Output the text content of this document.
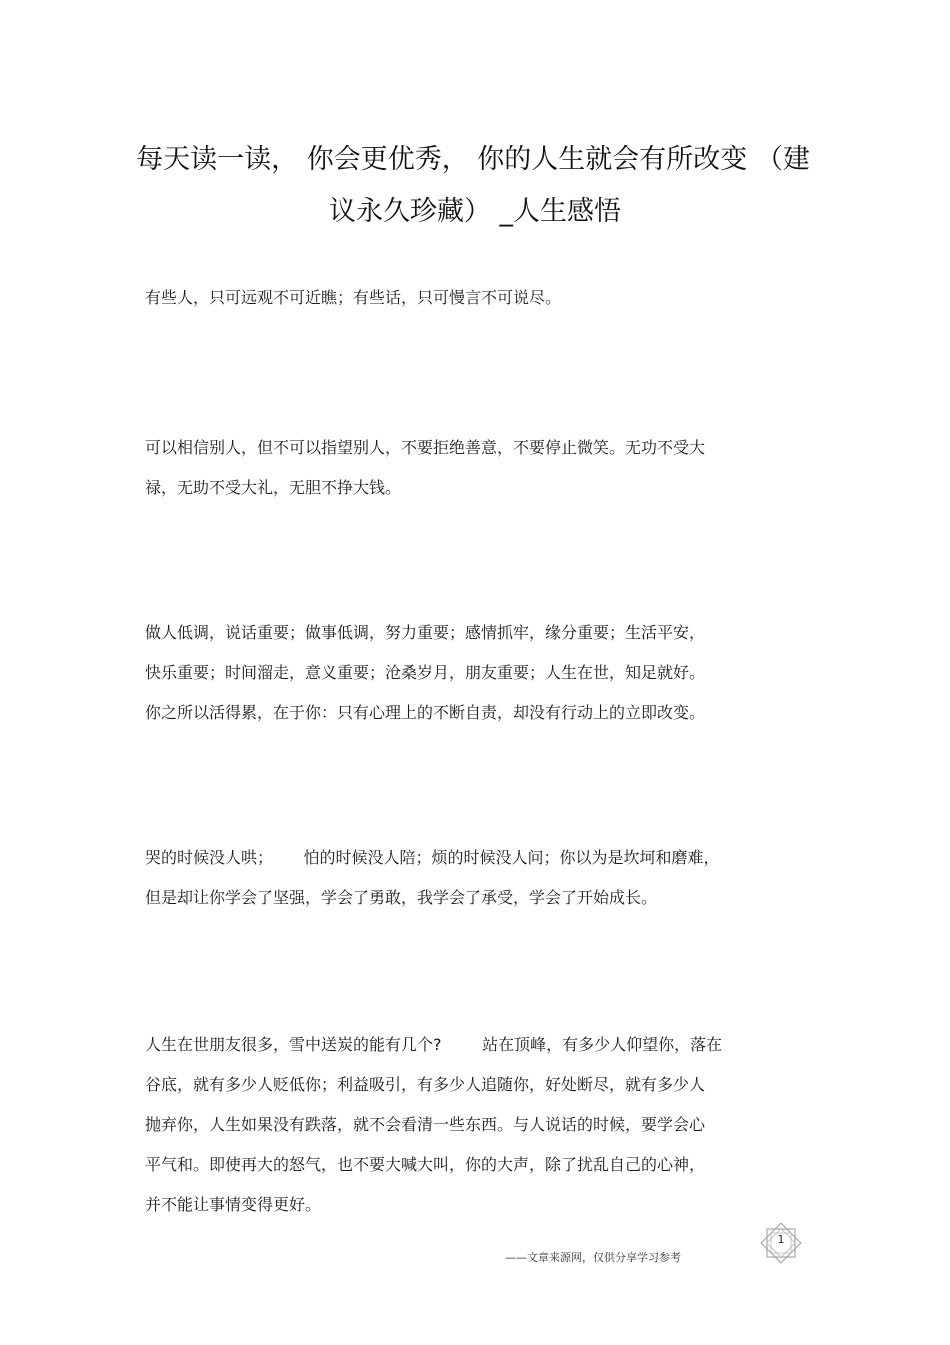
每天读一读， 你会更优秀， 你的人生就会有所改变 （建
议永久珍藏） _人生感悟

有些人，只可远观不可近瞧；有些话，只可慢言不可说尽。

可以相信别人，但不可以指望别人，不要拒绝善意，不要停止微笑。无功不受大
禄，无助不受大礼，无胆不挣大钱。

做人低调，说话重要；做事低调，努力重要；感情抓牢，缘分重要；生活平安，
快乐重要；时间溜走，意义重要；沧桑岁月，朋友重要；人生在世，知足就好。
你之所以活得累，在于你：只有心理上的不断自责，却没有行动上的立即改变。

哭的时候没人哄；      怕的时候没人陪；烦的时候没人问；你以为是坎坷和磨难，
但是却让你学会了坚强，学会了勇敢，我学会了承受，学会了开始成长。

人生在世朋友很多，雪中送炭的能有几个?        站在顶峰，有多少人仰望你，落在
谷底，就有多少人贬低你；利益吸引，有多少人追随你，好处断尽，就有多少人
抛弃你，人生如果没有跌落，就不会看清一些东西。与人说话的时候，要学会心
平气和。即使再大的怒气，也不要大喊大叫，你的大声，除了扰乱自己的心神，
并不能让事情变得更好。

——文章来源网，仅供分享学习参考
1
